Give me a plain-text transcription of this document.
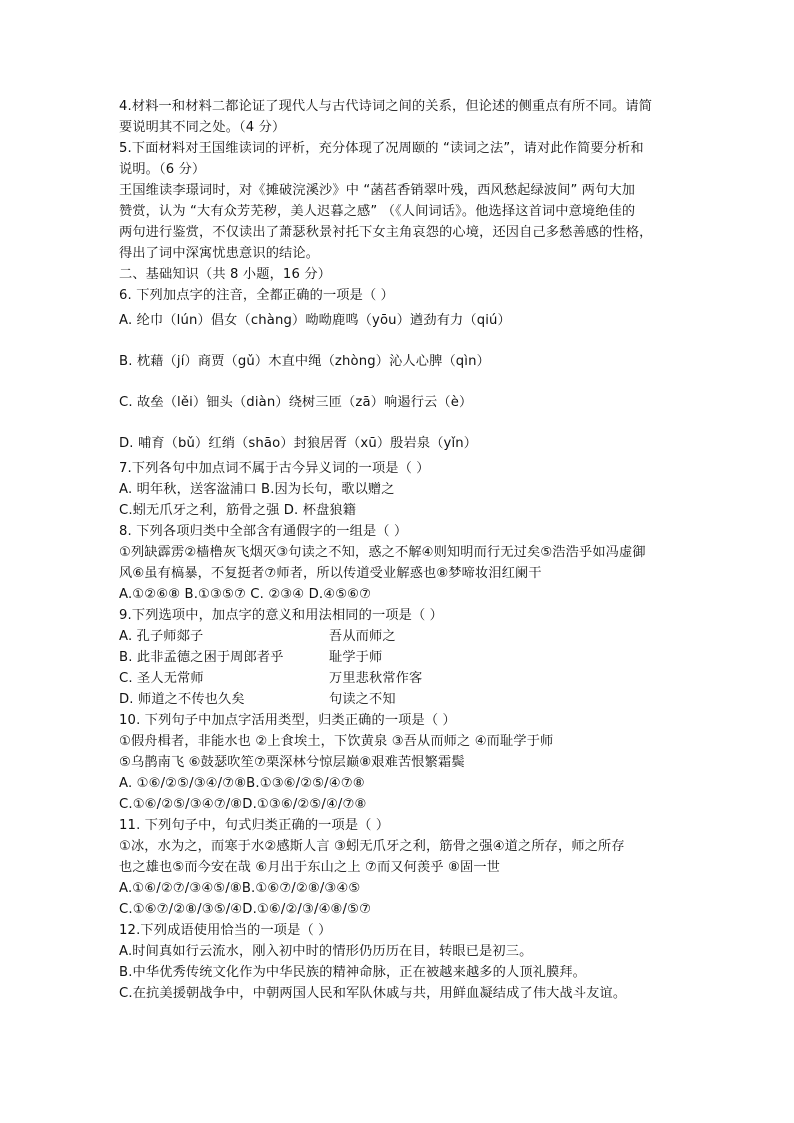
4.材料一和材料二都论证了现代人与古代诗词之间的关系，但论述的侧重点有所不同。请简
要说明其不同之处。（4 分）
5.下面材料对王国维读词的评析，充分体现了况周颐的 “读词之法”，请对此作简要分析和
说明。（6 分）
王国维读李璟词时，对《摊破浣溪沙》中 “菡萏香销翠叶残，西风愁起绿波间” 两句大加
赞赏，认为 “大有众芳芜秽，美人迟暮之感” （《人间词话》。他选择这首词中意境绝佳的
两句进行鉴赏，不仅读出了萧瑟秋景衬托下女主角哀怨的心境，还因自己多愁善感的性格，
得出了词中深寓忧患意识的结论。
二、基础知识（共 8 小题，16 分）
6. 下列加点字的注音，全都正确的一项是（ ）
A. 纶巾（lún）倡女（chàng）呦呦鹿鸣（yōu）遒劲有力（qiú）
B. 枕藉（jí）商贾（gǔ）木直中绳（zhòng）沁人心脾（qìn）
C. 故垒（lěi）钿头（diàn）绕树三匝（zā）响遏行云（è）
D. 哺育（bǔ）红绡（shāo）封狼居胥（xū）殷岩泉（yǐn）
7.下列各句中加点词不属于古今异义词的一项是（ ）
A. 明年秋，送客湓浦口 B.因为长句，歌以赠之
C.蚓无爪牙之利，筋骨之强 D. 杯盘狼籍
8. 下列各项归类中全部含有通假字的一组是（ ）
①列缺霹雳②樯橹灰飞烟灭③句读之不知，惑之不解④则知明而行无过矣⑤浩浩乎如冯虚御
风⑥虽有槁暴，不复挺者⑦师者，所以传道受业解惑也⑧梦啼妆泪红阑干
A.①②⑥⑧ B.①③⑤⑦ C. ②③④ D.④⑤⑥⑦
9.下列选项中，加点字的意义和用法相同的一项是（ ）
A. 孔子师郯子	吾从而师之
B. 此非孟德之困于周郎者乎	耻学于师
C. 圣人无常师	万里悲秋常作客
D. 师道之不传也久矣	句读之不知
10. 下列句子中加点字活用类型，归类正确的一项是（ ）
①假舟楫者，非能水也 ②上食埃土，下饮黄泉 ③吾从而师之 ④而耻学于师
⑤乌鹊南飞 ⑥鼓瑟吹笙⑦栗深林兮惊层巅⑧艰难苦恨繁霜鬓
A. ①⑥/②⑤/③④/⑦⑧B.①③⑥/②⑤/④⑦⑧
C.①⑥/②⑤/③④⑦/⑧D.①③⑥/②⑤/④/⑦⑧
11. 下列句子中，句式归类正确的一项是（ ）
①冰，水为之，而寒于水②感斯人言 ③蚓无爪牙之利，筋骨之强④道之所存，师之所存
也之雄也⑤而今安在哉 ⑥月出于东山之上 ⑦而又何羡乎 ⑧固一世
A.①⑥/②⑦/③④⑤/⑧B.①⑥⑦/②⑧/③④⑤
C.①⑥⑦/②⑧/③⑤/④D.①⑥/②/③/④⑧/⑤⑦
12.下列成语使用恰当的一项是（ ）
A.时间真如行云流水，刚入初中时的情形仍历历在目，转眼已是初三。
B.中华优秀传统文化作为中华民族的精神命脉，正在被越来越多的人顶礼膜拜。
C.在抗美援朝战争中，中朝两国人民和军队休戚与共，用鲜血凝结成了伟大战斗友谊。
